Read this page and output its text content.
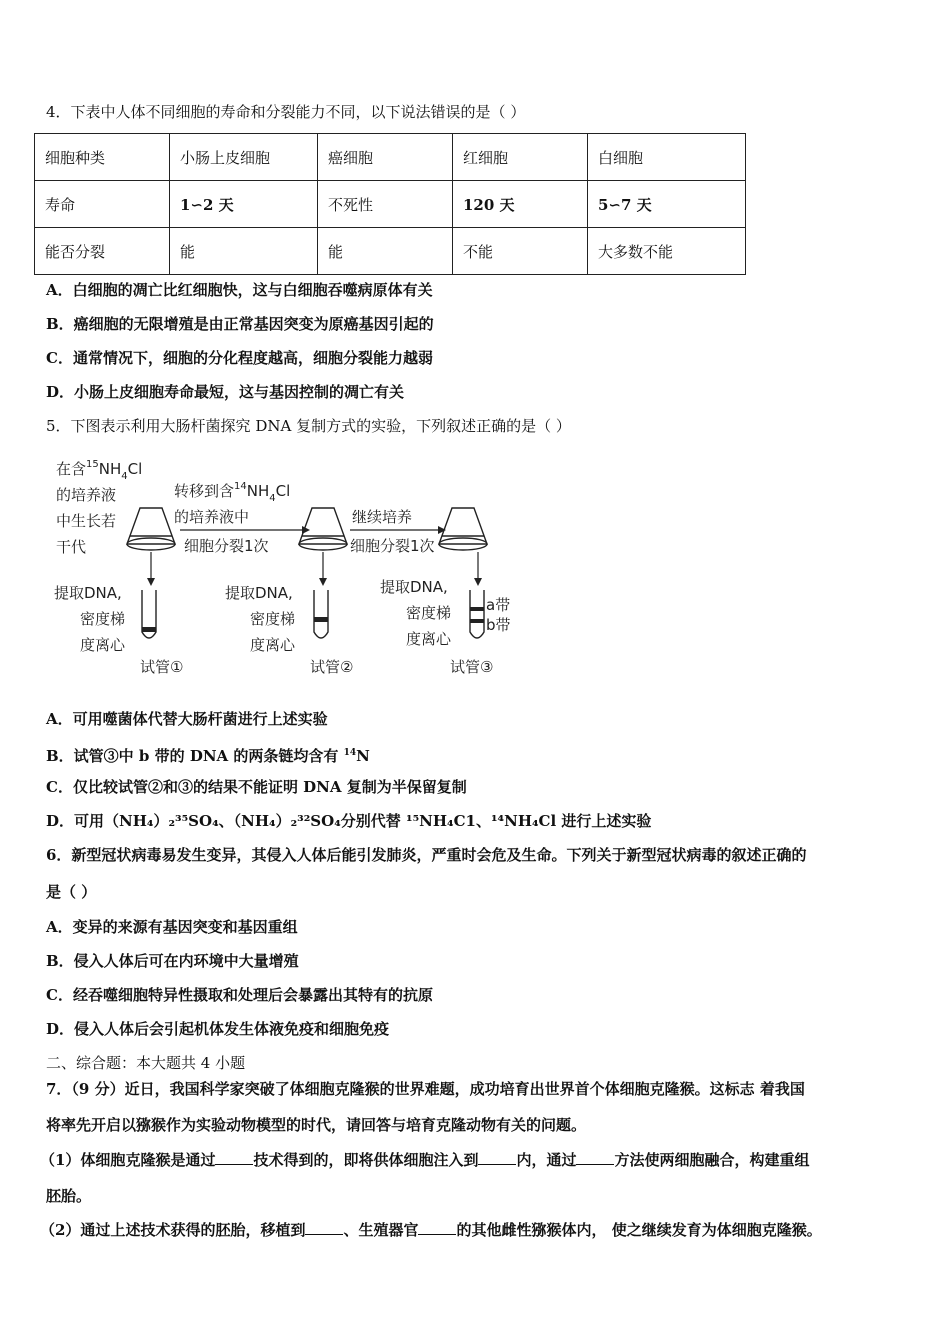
4．下表中人体不同细胞的寿命和分裂能力不同，以下说法错误的是（ ）
细胞种类	小肠上皮细胞	癌细胞	红细胞	白细胞
寿命	1∽2 天	不死性	120 天	5∽7 天
能否分裂	能	能	不能	大多数不能
A．白细胞的凋亡比红细胞快，这与白细胞吞噬病原体有关
B．癌细胞的无限增殖是由正常基因突变为原癌基因引起的
C．通常情况下，细胞的分化程度越高，细胞分裂能力越弱
D．小肠上皮细胞寿命最短，这与基因控制的凋亡有关
5．下图表示利用大肠杆菌探究 DNA 复制方式的实验，下列叙述正确的是（ ）
在含$^{15}NH_4Cl$
的培养液
中生长若
干代
转移到含$^{14}NH_4Cl$
的培养液中
细胞分裂1次
继续培养
细胞分裂1次
提取DNA,
密度梯
度离心
试管①
提取DNA,
密度梯
度离心
试管②
提取DNA,
密度梯
度离心
a带
b带
试管③
A．可用噬菌体代替大肠杆菌进行上述实验
B．试管③中 b 带的 DNA 的两条链均含有 $^{14}$N
C．仅比较试管②和③的结果不能证明 DNA 复制为半保留复制
D．可用（NH₄）₂³⁵SO₄、（NH₄）₂³²SO₄分别代替 ¹⁵NH₄C1、¹⁴NH₄Cl 进行上述实验
6．新型冠状病毒易发生变异，其侵入人体后能引发肺炎，严重时会危及生命。下列关于新型冠状病毒的叙述正确的
是（ ）
A．变异的来源有基因突变和基因重组
B．侵入人体后可在内环境中大量增殖
C．经吞噬细胞特异性摄取和处理后会暴露出其特有的抗原
D．侵入人体后会引起机体发生体液免疫和细胞免疫
二、综合题：本大题共 4 小题
7．（9 分）近日，我国科学家突破了体细胞克隆猴的世界难题，成功培育出世界首个体细胞克隆猴。这标志 着我国
将率先开启以猕猴作为实验动物模型的时代，请回答与培育克隆动物有关的问题。
（1）体细胞克隆猴是通过	技术得到的，即将供体细胞注入到	内，通过	方法使两细胞融合，构建重组
胚胎。
（2）通过上述技术获得的胚胎，移植到	、生殖器官	的其他雌性猕猴体内， 使之继续发育为体细胞克隆猴。
